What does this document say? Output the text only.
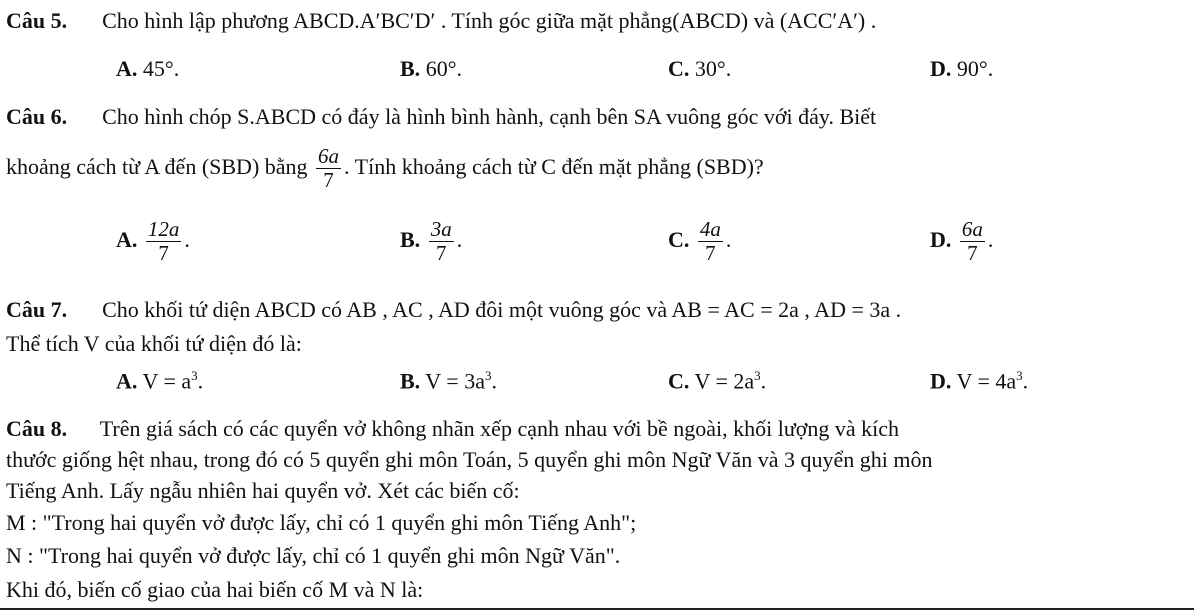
Câu 5. Cho hình lập phương ABCD.A′BC′D′ . Tính góc giữa mặt phẳng(ABCD) và (ACC′A′) .
A. 45°.	B. 60°.	C. 30°.	D. 90°.
Câu 6. Cho hình chóp S.ABCD có đáy là hình bình hành, cạnh bên SA vuông góc với đáy. Biết
khoảng cách từ A đến (SBD) bằng $\frac{6a}{7}$ . Tính khoảng cách từ C đến mặt phẳng (SBD)?
A. $\frac{12a}{7}$ .	B. $\frac{3a}{7}$ .	C. $\frac{4a}{7}$ .	D. $\frac{6a}{7}$ .
Câu 7. Cho khối tứ diện ABCD có AB , AC , AD đôi một vuông góc và AB = AC = 2a , AD = 3a .
Thể tích V của khối tứ diện đó là:
A. $V = a^3$.	B. $V = 3a^3$.	C. $V = 2a^3$.	D. $V = 4a^3$.
Câu 8. Trên giá sách có các quyển vở không nhãn xếp cạnh nhau với bề ngoài, khối lượng và kích
thước giống hệt nhau, trong đó có 5 quyển ghi môn Toán, 5 quyển ghi môn Ngữ Văn và 3 quyển ghi môn
Tiếng Anh. Lấy ngẫu nhiên hai quyển vở. Xét các biến cố:
M : "Trong hai quyển vở được lấy, chỉ có 1 quyển ghi môn Tiếng Anh";
N : "Trong hai quyển vở được lấy, chỉ có 1 quyển ghi môn Ngữ Văn".
Khi đó, biến cố giao của hai biến cố M và N là:
